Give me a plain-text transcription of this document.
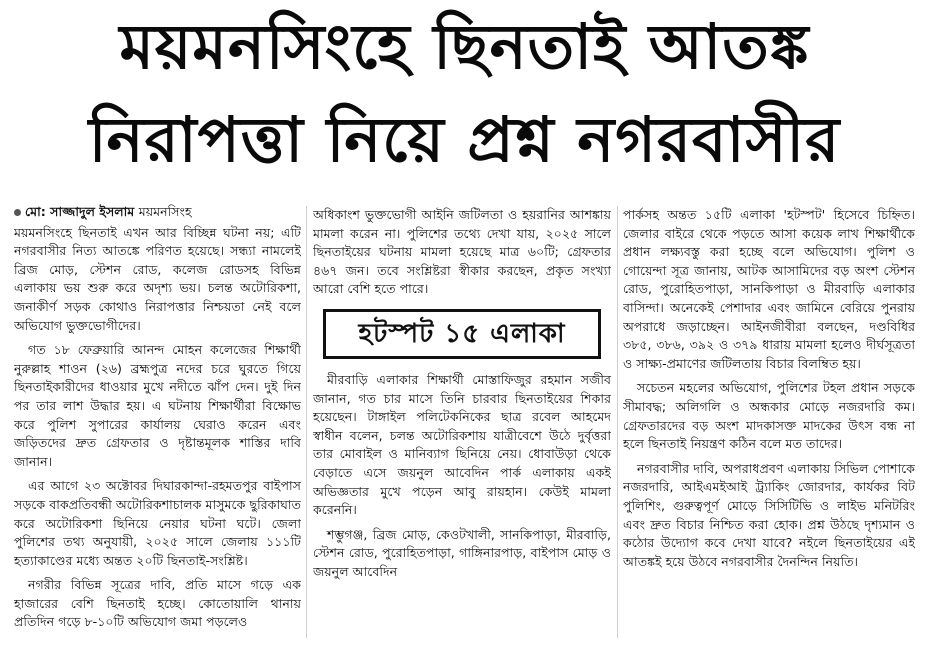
ময়মনসিংহে ছিনতাই আতঙ্ক
নিরাপত্তা নিয়ে প্রশ্ন নগরবাসীর
মো: সাজ্জাদুল ইসলাম ময়মনসিংহ

ময়মনসিংহে ছিনতাই এখন আর বিচ্ছিন্ন ঘটনা নয়; এটি নগরবাসীর নিত্য আতঙ্কে পরিণত হয়েছে। সন্ধ্যা নামলেই ব্রিজ মোড়, স্টেশন রোড, কলেজ রোডসহ বিভিন্ন এলাকায় ভয় শুরু করে অদৃশ্য ভয়। চলন্ত অটোরিকশা, জনাকীর্ণ সড়ক কোথাও নিরাপত্তার নিশ্চয়তা নেই বলে অভিযোগ ভুক্তভোগীদের।

গত ১৮ ফেব্রুয়ারি আনন্দ মোহন কলেজের শিক্ষার্থী নুরুল্লাহ শাওন (২৬) ব্রহ্মপুত্র নদের চরে ঘুরতে গিয়ে ছিনতাইকারীদের ধাওয়ার মুখে নদীতে ঝাঁপ দেন। দুই দিন পর তার লাশ উদ্ধার হয়। এ ঘটনায় শিক্ষার্থীরা বিক্ষোভ করে পুলিশ সুপারের কার্যালয় ঘেরাও করেন এবং জড়িতদের দ্রুত গ্রেফতার ও দৃষ্টান্তমূলক শাস্তির দাবি জানান।

এর আগে ২৩ অক্টোবর দিঘারকান্দা-রহমতপুর বাইপাস সড়কে বাকপ্রতিবন্ধী অটোরিকশাচালক মাসুমকে ছুরিকাঘাত করে অটোরিকশা ছিনিয়ে নেয়ার ঘটনা ঘটে। জেলা পুলিশের তথ্য অনুযায়ী, ২০২৫ সালে জেলায় ১১১টি হত্যাকাণ্ডের মধ্যে অন্তত ২০টি ছিনতাই-সংশ্লিষ্ট।

নগরীর বিভিন্ন সূত্রের দাবি, প্রতি মাসে গড়ে এক হাজারের বেশি ছিনতাই হচ্ছে। কোতোয়ালি থানায় প্রতিদিন গড়ে ৮-১০টি অভিযোগ জমা পড়লেও

অধিকাংশ ভুক্তভোগী আইনি জটিলতা ও হয়রানির আশঙ্কায় মামলা করেন না। পুলিশের তথ্যে দেখা যায়, ২০২৫ সালে ছিনতাইয়ের ঘটনায় মামলা হয়েছে মাত্র ৬০টি; গ্রেফতার ৪৬৭ জন। তবে সংশ্লিষ্টরা স্বীকার করছেন, প্রকৃত সংখ্যা আরো বেশি হতে পারে।

হটস্পট ১৫ এলাকা

মীরবাড়ি এলাকার শিক্ষার্থী মোস্তাফিজুর রহমান সজীব জানান, গত চার মাসে তিনি চারবার ছিনতাইয়ের শিকার হয়েছেন। টাঙ্গাইল পলিটেকনিকের ছাত্র রবেল আহমেদ স্বাধীন বলেন, চলন্ত অটোরিকশায় যাত্রীবেশে উঠে দুর্বৃত্তরা তার মোবাইল ও মানিব্যাগ ছিনিয়ে নেয়। ধোবাউড়া থেকে বেড়াতে এসে জয়নুল আবেদিন পার্ক এলাকায় একই অভিজ্ঞতার মুখে পড়েন আবু রায়হান। কেউই মামলা করেননি।

শম্ভুগঞ্জ, ব্রিজ মোড়, কেওটখালী, সানকিপাড়া, মীরবাড়ি, স্টেশন রোড, পুরোহিতপাড়া, গাঙ্গিনারপাড়, বাইপাস মোড় ও জয়নুল আবেদিন

পার্কসহ অন্তত ১৫টি এলাকা 'হটস্পট' হিসেবে চিহ্নিত। জেলার বাইরে থেকে পড়তে আসা কয়েক লাখ শিক্ষার্থীকে প্রধান লক্ষ্যবস্তু করা হচ্ছে বলে অভিযোগ। পুলিশ ও গোয়েন্দা সূত্র জানায়, আটক আসামিদের বড় অংশ স্টেশন রোড, পুরোহিতপাড়া, সানকিপাড়া ও মীরবাড়ি এলাকার বাসিন্দা। অনেকেই পেশাদার এবং জামিনে বেরিয়ে পুনরায় অপরাধে জড়াচ্ছেন। আইনজীবীরা বলছেন, দণ্ডবিধির ৩৮৫, ৩৮৬, ৩৯২ ও ৩৭৯ ধারায় মামলা হলেও দীর্ঘসূত্রতা ও সাক্ষ্য-প্রমাণের জটিলতায় বিচার বিলম্বিত হয়।

সচেতন মহলের অভিযোগ, পুলিশের টহল প্রধান সড়কে সীমাবদ্ধ; অলিগলি ও অন্ধকার মোড়ে নজরদারি কম। গ্রেফতারদের বড় অংশ মাদকাসক্ত মাদকের উৎস বন্ধ না হলে ছিনতাই নিয়ন্ত্রণ কঠিন বলে মত তাদের।

নগরবাসীর দাবি, অপরাধপ্রবণ এলাকায় সিভিল পোশাকে নজরদারি, আইএমইআই ট্র্যাকিং জোরদার, কার্যকর বিট পুলিশিং, গুরুত্বপূর্ণ মোড়ে সিসিটিভি ও লাইভ মনিটরিং এবং দ্রুত বিচার নিশ্চিত করা হোক। প্রশ্ন উঠছে দৃশ্যমান ও কঠোর উদ্যোগ কবে দেখা যাবে? নইলে ছিনতাইয়ের এই আতঙ্কই হয়ে উঠবে নগরবাসীর দৈনন্দিন নিয়তি।
